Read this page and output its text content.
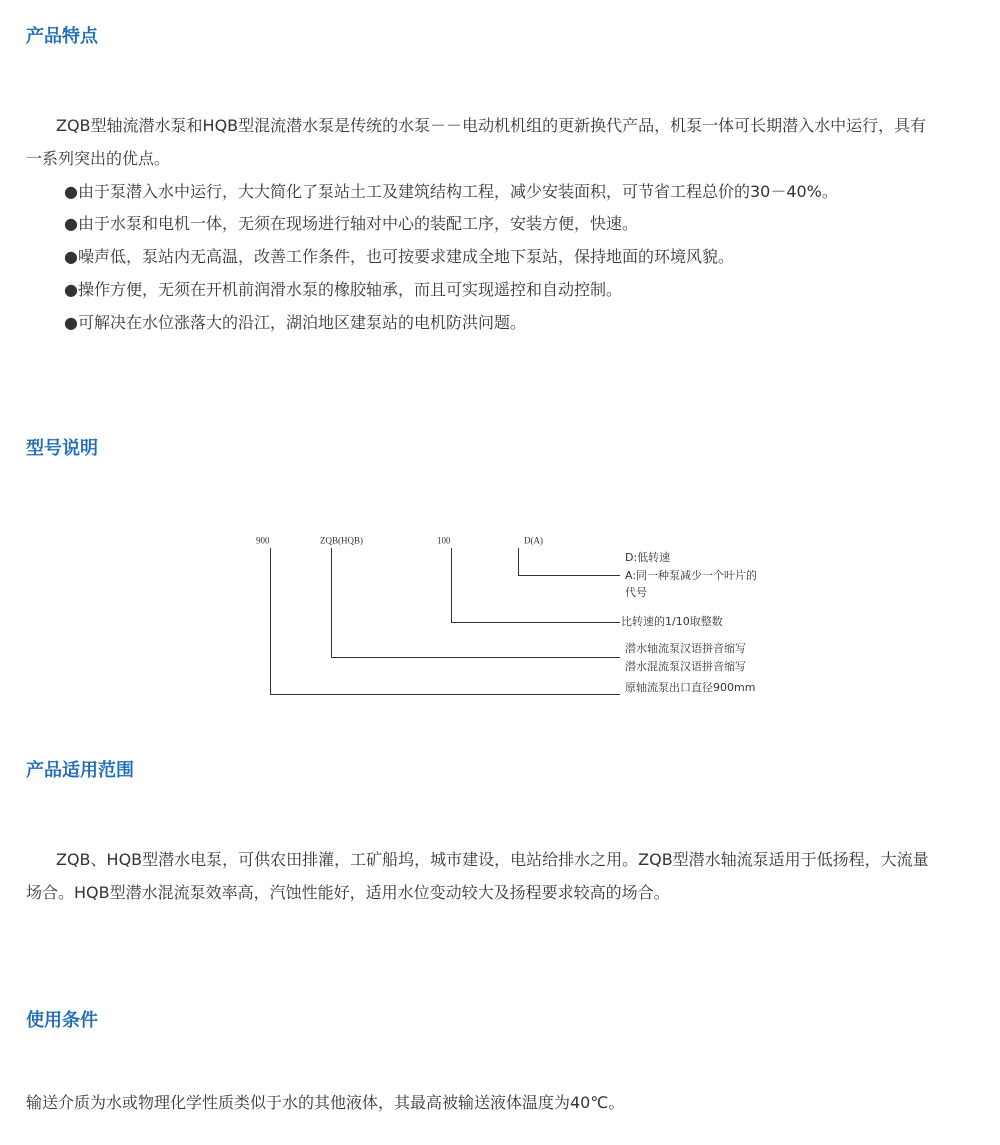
产品特点

ZQB型轴流潜水泵和HQB型混流潜水泵是传统的水泵－－电动机机组的更新换代产品，机泵一体可长期潜入水中运行，具有一系列突出的优点。

●由于泵潜入水中运行，大大简化了泵站土工及建筑结构工程，减少安装面积，可节省工程总价的30－40%。
●由于水泵和电机一体，无须在现场进行轴对中心的装配工序，安装方便，快速。
●噪声低，泵站内无高温，改善工作条件，也可按要求建成全地下泵站，保持地面的环境风貌。
●操作方便，无须在开机前润滑水泵的橡胶轴承，而且可实现遥控和自动控制。
●可解决在水位涨落大的沿江，湖泊地区建泵站的电机防洪问题。
型号说明
900	ZQB(HQB)	100	D(A)
D:低转速
A:同一种泵减少一个叶片的
代号
比转速的1/10取整数
潜水轴流泵汉语拼音缩写
潜水混流泵汉语拼音缩写
原轴流泵出口直径900mm
产品适用范围

ZQB、HQB型潜水电泵，可供农田排灌，工矿船坞，城市建设，电站给排水之用。ZQB型潜水轴流泵适用于低扬程，大流量场合。HQB型潜水混流泵效率高，汽蚀性能好，适用水位变动较大及扬程要求较高的场合。

使用条件

输送介质为水或物理化学性质类似于水的其他液体，其最高被输送液体温度为40℃。
